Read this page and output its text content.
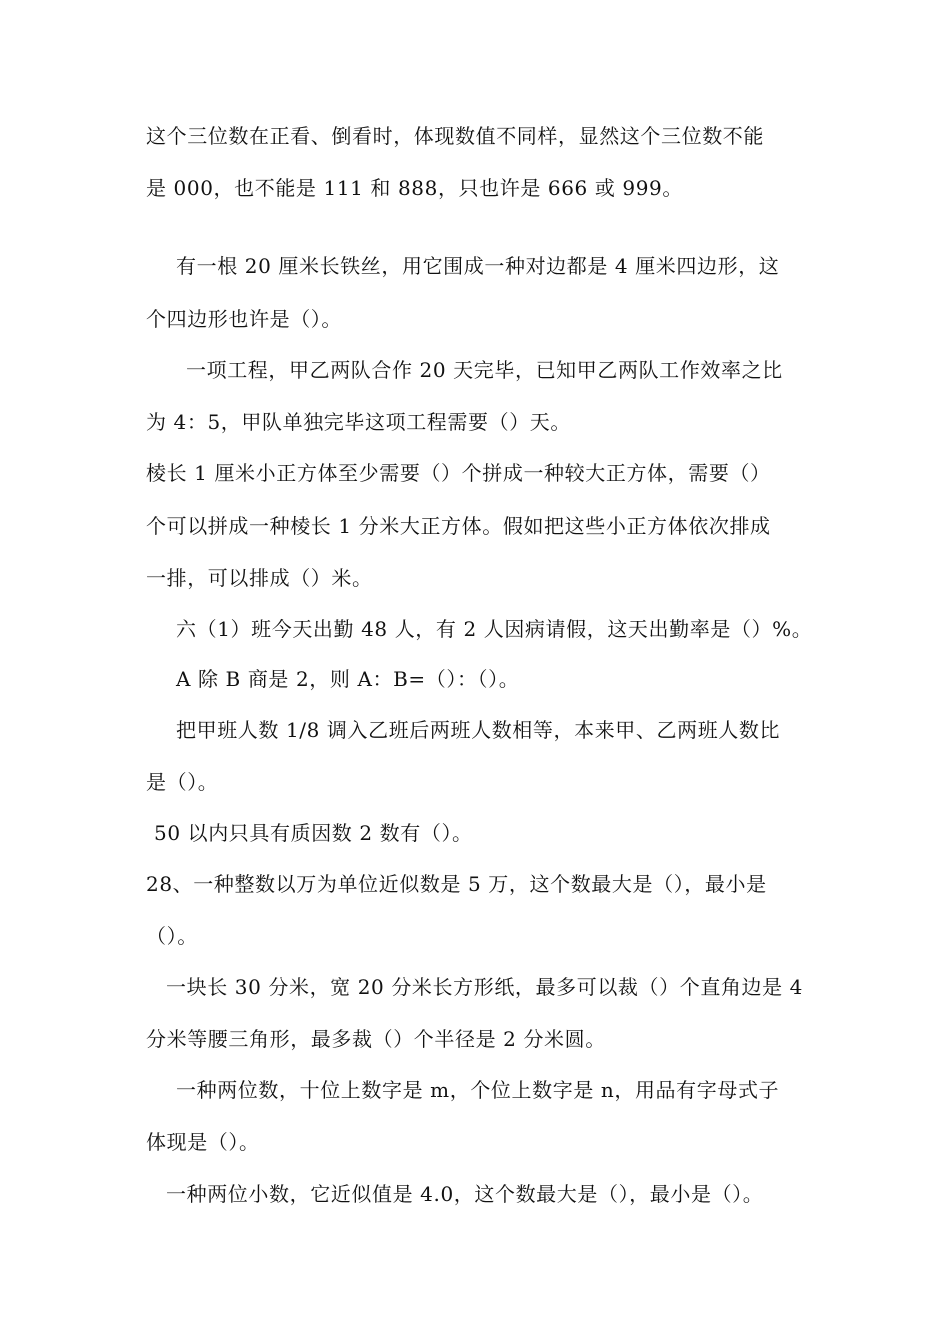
这个三位数在正看、倒看时，体现数值不同样，显然这个三位数不能
是 000，也不能是 111 和 888，只也许是 666 或 999。
有一根 20 厘米长铁丝，用它围成一种对边都是 4 厘米四边形，这
个四边形也许是（）。
一项工程，甲乙两队合作 20 天完毕，已知甲乙两队工作效率之比
为 4：5，甲队单独完毕这项工程需要（）天。
棱长 1 厘米小正方体至少需要（）个拼成一种较大正方体，需要（）
个可以拼成一种棱长 1 分米大正方体。假如把这些小正方体依次排成
一排，可以排成（）米。
六（1）班今天出勤 48 人，有 2 人因病请假，这天出勤率是（）%。
A 除 B 商是 2，则 A：B=（）：（）。
把甲班人数 1/8 调入乙班后两班人数相等，本来甲、乙两班人数比
是（）。
50 以内只具有质因数 2 数有（）。
28、一种整数以万为单位近似数是 5 万，这个数最大是（），最小是
（）。
一块长 30 分米，宽 20 分米长方形纸，最多可以裁（）个直角边是 4
分米等腰三角形，最多裁（）个半径是 2 分米圆。
一种两位数，十位上数字是 m，个位上数字是 n，用品有字母式子
体现是（）。
一种两位小数，它近似值是 4.0，这个数最大是（），最小是（）。
